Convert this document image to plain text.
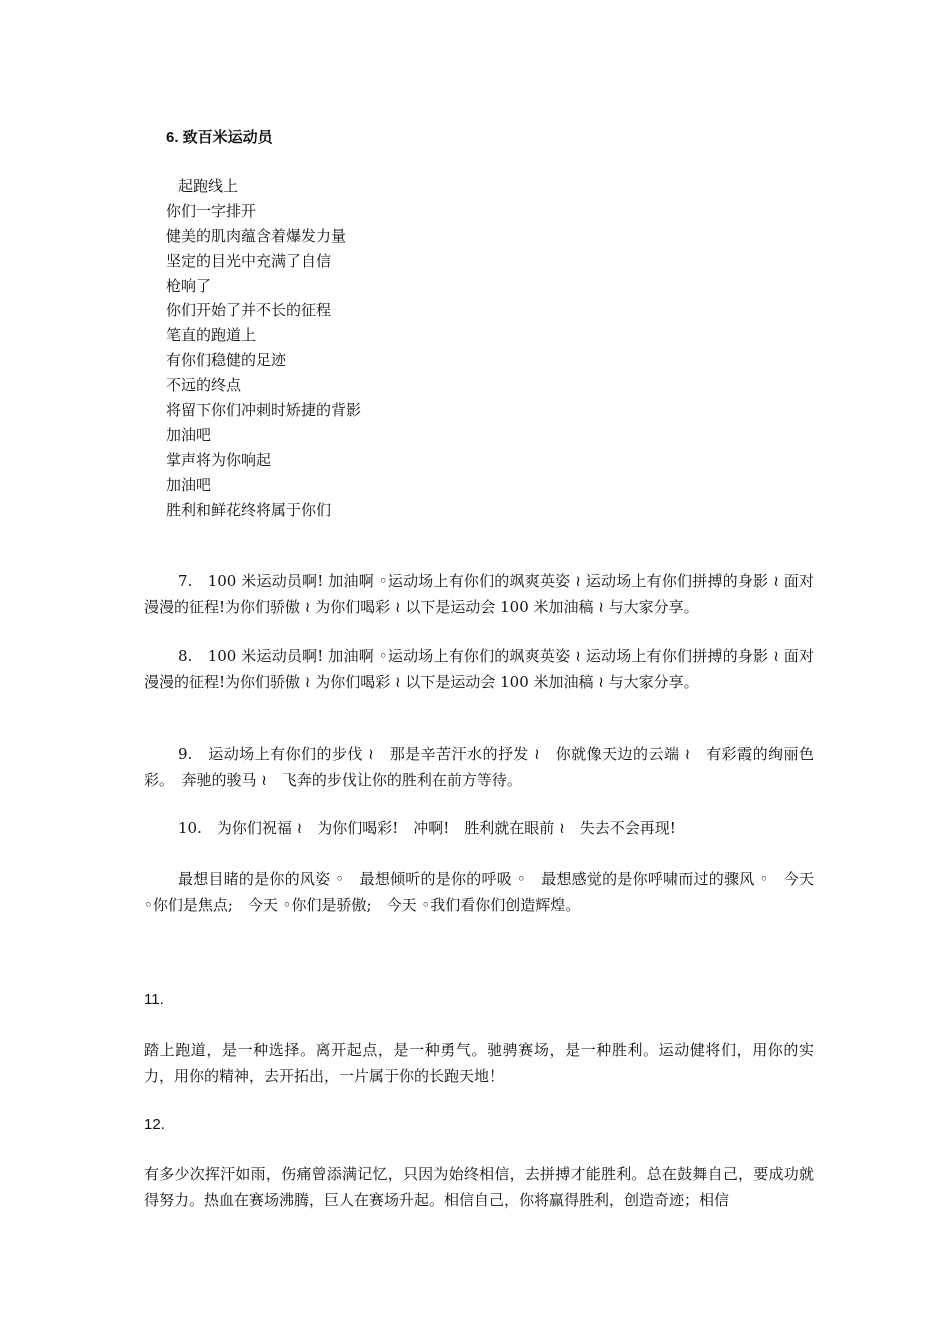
6. 致百米运动员
起跑线上
你们一字排开
健美的肌肉蕴含着爆发力量
坚定的目光中充满了自信
枪响了
你们开始了并不长的征程
笔直的跑道上
有你们稳健的足迹
不远的终点
将留下你们冲刺时矫捷的背影
加油吧
掌声将为你响起
加油吧
胜利和鲜花终将属于你们
7.　100 米运动员啊! 加油啊 ◦运动场上有你们的飒爽英姿 ≀ 运动场上有你们拼搏的身影 ≀ 面对漫漫的征程!为你们骄傲 ≀ 为你们喝彩 ≀ 以下是运动会 100 米加油稿 ≀ 与大家分享。
8.　100 米运动员啊! 加油啊 ◦运动场上有你们的飒爽英姿 ≀ 运动场上有你们拼搏的身影 ≀ 面对漫漫的征程!为你们骄傲 ≀ 为你们喝彩 ≀ 以下是运动会 100 米加油稿 ≀ 与大家分享。
9.　运动场上有你们的步伐 ≀　那是辛苦汗水的抒发 ≀　你就像天边的云端 ≀　有彩霞的绚丽色彩。　奔驰的骏马 ≀　飞奔的步伐让你的胜利在前方等待。
10.　为你们祝福 ≀　为你们喝彩!　冲啊!　胜利就在眼前 ≀　失去不会再现!
最想目睹的是你的风姿 ◦　最想倾听的是你的呼吸 ◦　最想感觉的是你呼啸而过的骤风 ◦　今天 ◦你们是焦点;　今天 ◦你们是骄傲;　今天 ◦我们看你们创造辉煌。
11.
踏上跑道，是一种选择。离开起点，是一种勇气。驰骋赛场，是一种胜利。运动健将们，用你的实力，用你的精神，去开拓出，一片属于你的长跑天地！
12.
有多少次挥汗如雨，伤痛曾添满记忆，只因为始终相信，去拼搏才能胜利。总在鼓舞自己，要成功就得努力。热血在赛场沸腾，巨人在赛场升起。相信自己，你将赢得胜利，创造奇迹；相信
